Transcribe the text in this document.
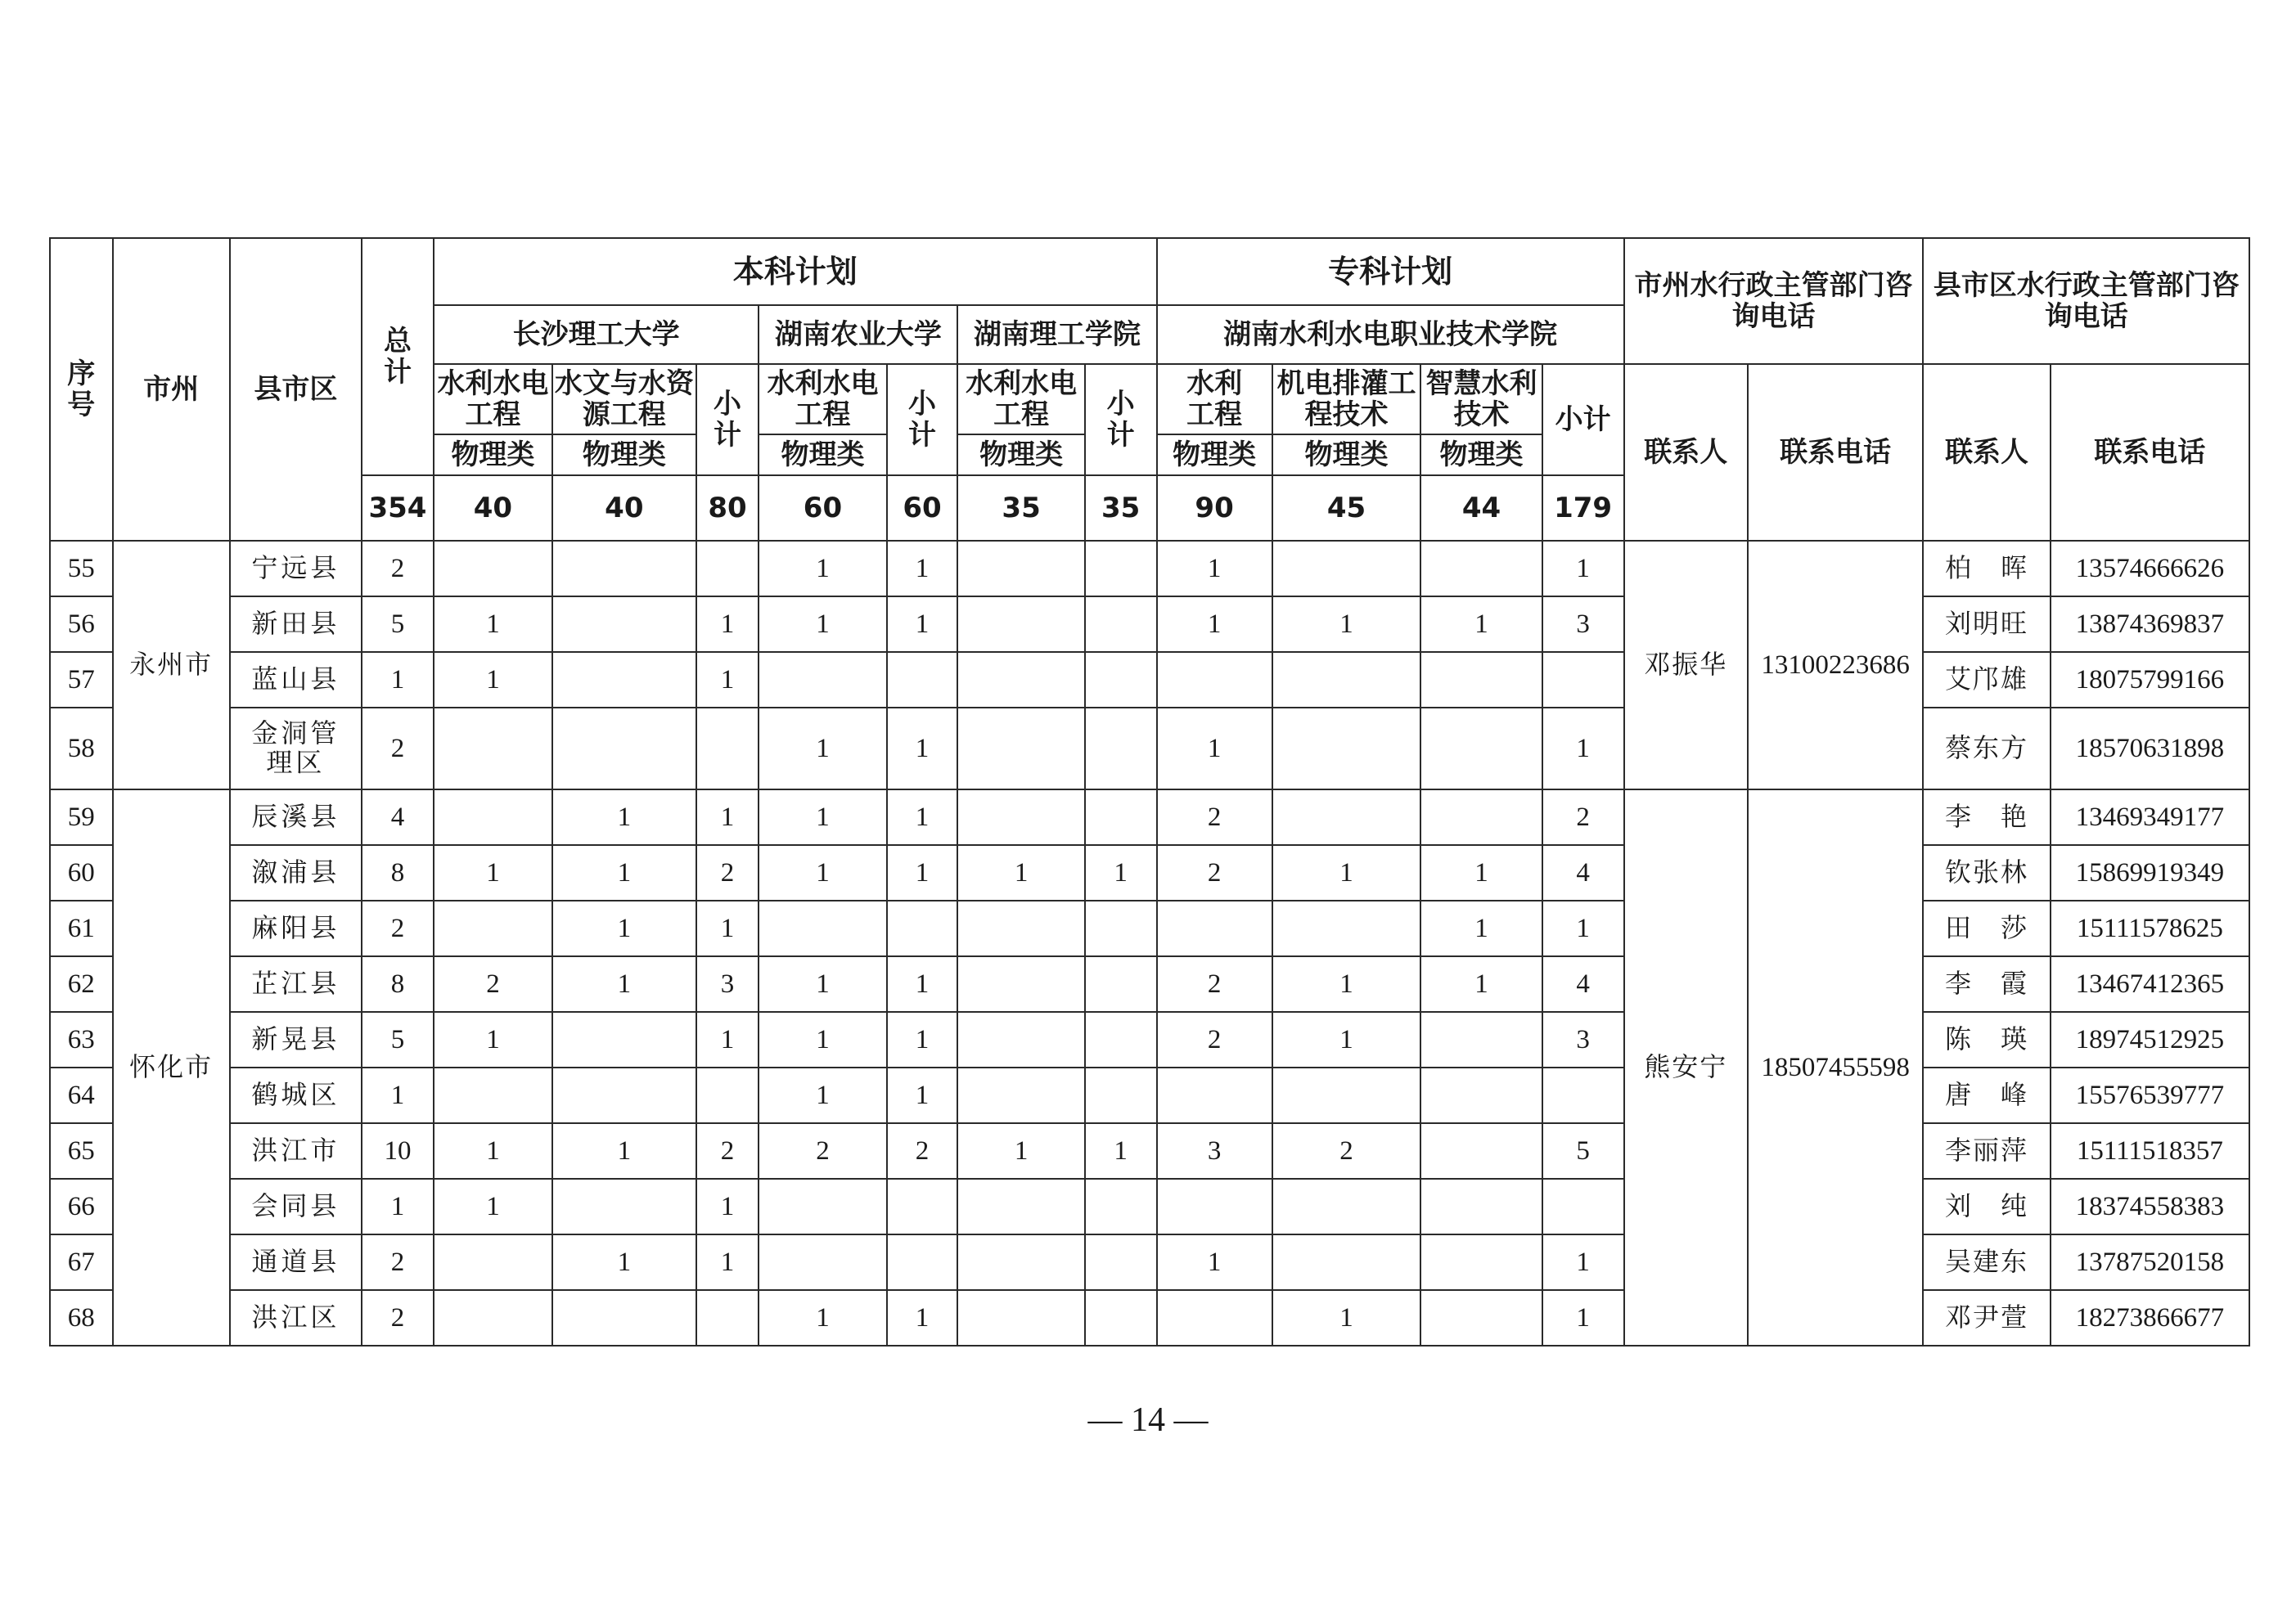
序号	市州	县市区	总计	本科计划							专科计划				市州水行政主管部门咨询电话		县市区水行政主管部门咨询电话	
				长沙理工大学			湖南农业大学		湖南理工学院		湖南水利水电职业技术学院							
				水利水电工程	水文与水资源工程	小计	水利水电工程	小计	水利水电工程	小计	水利工程	机电排灌工程技术	智慧水利技术	小计	联系人	联系电话	联系人	联系电话
				物理类	物理类		物理类		物理类		物理类	物理类	物理类					
			354	40	40	80	60	60	35	35	90	45	44	179				
55	永州市	宁远县	2				1	1			1			1	邓振华	13100223686	柏　晖	13574666626
56		新田县	5	1		1	1	1			1	1	1	3			刘明旺	13874369837
57		蓝山县	1	1		1											艾邝雄	18075799166
58		金洞管理区	2				1	1			1			1			蔡东方	18570631898
59	怀化市	辰溪县	4		1	1	1	1			2			2	熊安宁	18507455598	李　艳	13469349177
60		溆浦县	8	1	1	2	1	1	1	1	2	1	1	4			钦张林	15869919349
61		麻阳县	2		1	1							1	1			田　莎	15111578625
62		芷江县	8	2	1	3	1	1			2	1	1	4			李　霞	13467412365
63		新晃县	5	1		1	1	1			2	1		3			陈　瑛	18974512925
64		鹤城区	1				1	1									唐　峰	15576539777
65		洪江市	10	1	1	2	2	2	1	1	3	2		5			李丽萍	15111518357
66		会同县	1	1		1											刘　纯	18374558383
67		通道县	2		1	1					1			1			吴建东	13787520158
68		洪江区	2				1	1				1		1			邓尹萱	18273866677
— 14 —
